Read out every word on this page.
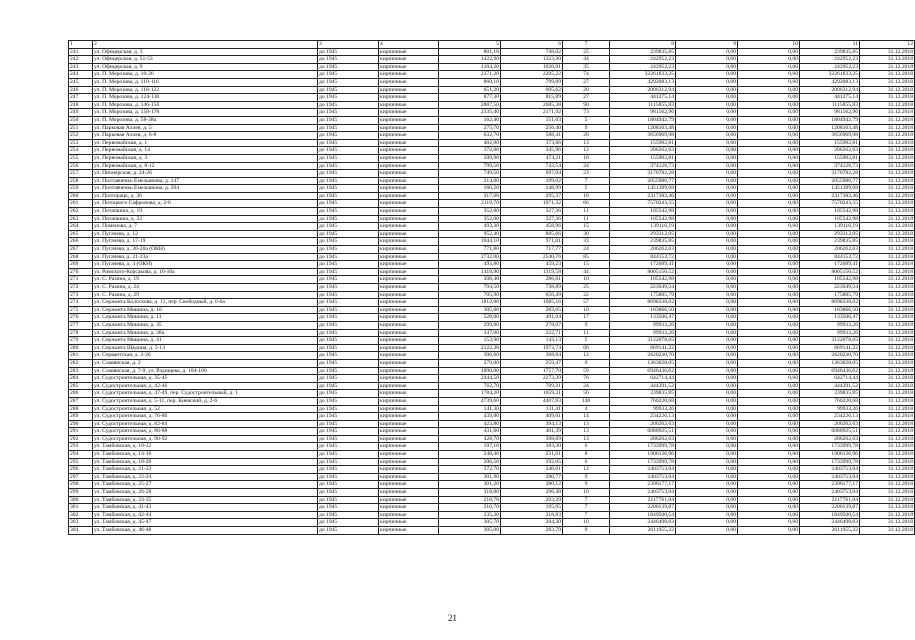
1	2	3	4	5	6	7	8	9	10	11	12
241	ул. Офицерская, д. 3	до 1945	кирпичные	801,10	748,02	25	239835,85	0,00	0,00	239835,85	31.12.2018
242	ул. Офицерская, д. 51-53	до 1945	кирпичные	1422,90	1323,30	44	242952,23	0,00	0,00	242952,23	31.12.2018
243	ул. Офицерская, д. 9	до 1945	кирпичные	1104,20	1026,91	35	242952,23	0,00	0,00	242952,23	31.12.2018
244	ул. П. Морозова, д. 10-26	до 1945	кирпичные	2371,20	2205,22	74	32261833,25	0,00	0,00	32261833,25	31.12.2018
245	ул. П. Морозова, д. 110-116	до 1945	кирпичные	860,10	799,89	27	4292083,13	0,00	0,00	4292083,13	31.12.2018
246	ул. П. Морозова, д. 118-122	до 1945	кирпичные	651,20	605,62	20	2006312,94	0,00	0,00	2006312,94	31.12.2018
247	ул. П. Морозова, д. 124-130	до 1945	кирпичные	877,30	815,89	27	441275,14	0,00	0,00	441275,14	31.12.2018
248	ул. П. Морозова, д. 146-156	до 1945	кирпичные	2887,50	2685,38	90	1115855,83	0,00	0,00	1115855,83	31.12.2018
249	ул. П. Морозова, д. 158-170	до 1945	кирпичные	2335,40	2171,92	73	981562,96	0,00	0,00	981562,96	31.12.2018
250	ул. П. Морозова, д. 58-38а	до 1945	кирпичные	162,40	151,03	5	1804942,79	0,00	0,00	1804942,79	31.12.2018
251	ул. Парковая Аллея, д. 5	до 1945	кирпичные	275,70	256,40	9	1208163,48	0,00	0,00	1208163,48	31.12.2018
252	ул. Парковая Аллея, д. 6-8	до 1945	кирпичные	632,70	588,41	20	3656969,98	0,00	0,00	3656969,98	31.12.2018
253	ул. Первомайская, д. 1	до 1945	кирпичные	402,00	373,86	13	155902,81	0,00	0,00	155902,81	31.12.2018
254	ул. Первомайская, д. 14	до 1945	кирпичные	372,00	345,96	12	206262,63	0,00	0,00	206262,63	31.12.2018
255	ул. Первомайская, д. 3	до 1945	кирпичные	509,90	474,21	16	155902,81	0,00	0,00	155902,81	31.12.2018
256	ул. Первомайская, д. 8-12	до 1945	кирпичные	799,50	743,54	24	374128,73	0,00	0,00	374128,73	31.12.2018
257	ул. Пионерская, д. 24-26	до 1945	кирпичные	749,50	697,04	23	3170782,28	0,00	0,00	3170782,28	31.12.2018
258	ул. Полтавченко Емельянова, д. 147	до 1945	кирпичные	214,00	199,02	7	2055986,77	0,00	0,00	2055986,77	31.12.2018
259	ул. Полтавченко Емельянова, д. 204	до 1945	кирпичные	160,20	148,99	5	1451399,68	0,00	0,00	1451399,68	31.12.2018
260	ул. Полторацк, д. 36	до 1945	кирпичные	317,60	295,37	10	2317383,46	0,00	0,00	2317383,46	31.12.2018
261	ул. Потоцкого Сафронова, д. 2-6	до 1945	кирпичные	2119,70	1971,32	66	7570243,55	0,00	0,00	7570243,55	31.12.2018
262	ул. Потапкина, д. 19	до 1945	кирпичные	352,00	327,36	11	105542,98	0,00	0,00	105542,98	31.12.2018
263	ул. Потапкина, д. 22	до 1945	кирпичные	352,00	327,36	11	105542,98	0,00	0,00	105542,98	31.12.2018
264	ул. Поменова, д. 7	до 1945	кирпичные	493,30	458,96	15	139116,19	0,00	0,00	139116,19	31.12.2018
265	ул. Пугачева, д. 12	до 1945	кирпичные	952,40	885,66	30	293312,05	0,00	0,00	293312,05	31.12.2018
266	ул. Пугачева, д. 17-19	до 1945	кирпичные	1044,10	971,01	33	239835,85	0,00	0,00	239835,85	31.12.2018
267	ул. Пугачева, д. 20-20а (ОКН)	до 1945	кирпичные	771,80	717,77	24	206262,63	0,00	0,00	206262,63	31.12.2018
268	ул. Пугачева, д. 21-23а	до 1945	кирпичные	2732,00	2540,76	85	844153,72	0,00	0,00	844153,72	31.12.2018
269	ул. Пугачева, д. 3 (ОКН)	до 1945	кирпичные	493,80	459,23	15	172689,41	0,00	0,00	172689,41	31.12.2018
270	ул. Римского-Корсакова, д. 16-16а	до 1945	кирпичные	1418,90	1319,58	44	8005150,52	0,00	0,00	8005150,52	31.12.2018
271	ул. С. Разина, д. 19	до 1945	кирпичные	308,40	286,81	10	105542,98	0,00	0,00	105542,98	31.12.2018
272	ул. С. Разина, д. 24	до 1945	кирпичные	794,50	738,89	25	223049,24	0,00	0,00	223049,24	31.12.2018
273	ул. С. Разина, д. 29	до 1945	кирпичные	705,90	656,49	22	175805,79	0,00	0,00	175805,79	31.12.2018
274	ул. Сержанта Колоскова, д. 11, пер. Свободный, д. 6-6а	до 1945	кирпичные	1812,00	1685,16	57	8698338,02	0,00	0,00	8698338,02	31.12.2018
275	ул. Сержанта Мишина, д. 10	до 1945	кирпичные	305,00	283,65	10	183866,50	0,00	0,00	183866,50	31.12.2018
276	ул. Сержанта Мишина, д. 11	до 1945	кирпичные	528,00	491,04	17	133506,47	0,00	0,00	133506,47	31.12.2018
277	ул. Сержанта Мишина, д. 35	до 1945	кирпичные	299,00	278,07	9	99933,26	0,00	0,00	99933,26	31.12.2018
278	ул. Сержанта Мишина, д. 38а	до 1945	кирпичные	347,00	322,71	11	99933,26	0,00	0,00	99933,26	31.12.2018
279	ул. Сержанта Мишина, д. 41	до 1945	кирпичные	153,90	143,13	5	3122078,65	0,00	0,00	3122078,65	31.12.2018
280	ул. Сержанта Щедина, д. 5-13	до 1945	кирпичные	2122,30	1973,74	66	669141,22	0,00	0,00	669141,22	31.12.2018
281	ул. Сервантская, д. 2-36	до 1945	кирпичные	396,60	368,84	12	2820230,70	0,00	0,00	2820230,70	31.12.2018
282	ул. Славянская, д. 2	до 1945	кирпичные	279,00	259,47	9	1363028,05	0,00	0,00	1363028,05	31.12.2018
283	ул. Славянская, д. 7-9, ул. Радищева, д. 104-106	до 1945	кирпичные	1890,00	1757,70	59	6946436,62	0,00	0,00	6946436,62	31.12.2018
284	ул. Судостроительная, д. 35-45	до 1945	кирпичные	2444,50	2273,39	76	642714,44	0,00	0,00	642714,44	31.12.2018
285	ул. Судостроительная, д. 42-46	до 1945	кирпичные	762,70	709,31	24	444391,52	0,00	0,00	444391,52	31.12.2018
286	ул. Судостроительная, д. 47-49, пер. Судостроительный, д. 1	до 1945	кирпичные	1784,20	1659,31	56	239835,85	0,00	0,00	239835,85	31.12.2018
287	ул. Судостроительная, д. 5-11, пер. Киевский, д. 2-6	до 1945	кирпичные	4739,60	4407,83	148	760220,68	0,00	0,00	760220,68	31.12.2018
288	ул. Судостроительная, д. 52	до 1945	кирпичные	141,30	131,41	4	99933,26	0,00	0,00	99933,26	31.12.2018
289	ул. Судостроительная, д. 76-80	до 1945	кирпичные	439,80	409,01	14	234226,13	0,00	0,00	234226,13	31.12.2018
290	ул. Судостроительная, д. 82-84	до 1945	кирпичные	423,80	394,13	13	206262,63	0,00	0,00	206262,63	31.12.2018
291	ул. Судостроительная, д. 86-88	до 1945	кирпичные	431,60	401,39	13	6088925,51	0,00	0,00	6088925,51	31.12.2018
292	ул. Судостроительная, д. 90-92	до 1945	кирпичные	428,70	398,69	13	206262,63	0,00	0,00	206262,63	31.12.2018
293	ул. Тамбовская, д. 10-12	до 1945	кирпичные	197,10	183,30	6	1733999,78	0,00	0,00	1733999,78	31.12.2018
294	ул. Тамбовская, д. 14-16	до 1945	кирпичные	248,40	231,01	8	1906126,96	0,00	0,00	1906126,96	31.12.2018
295	ул. Тамбовская, д. 18-20	до 1945	кирпичные	206,50	192,05	6	1733999,78	0,00	0,00	1733999,78	31.12.2018
296	ул. Тамбовская, д. 21-23	до 1945	кирпичные	372,70	346,61	12	2403753,04	0,00	0,00	2403753,04	31.12.2018
297	ул. Тамбовская, д. 22-24	до 1945	кирпичные	301,90	280,77	9	2403753,04	0,00	0,00	2403753,04	31.12.2018
298	ул. Тамбовская, д. 25-27	до 1945	кирпичные	301,20	280,12	9	2390177,17	0,00	0,00	2390177,17	31.12.2018
299	ул. Тамбовская, д. 26-28	до 1945	кирпичные	318,80	296,48	10	2403753,04	0,00	0,00	2403753,04	31.12.2018
300	ул. Тамбовская, д. 33-35	до 1945	кирпичные	218,70	203,39	7	2117761,04	0,00	0,00	2117761,04	31.12.2018
301	ул. Тамбовская, д. 41-43	до 1945	кирпичные	210,70	195,95	7	2200139,87	0,00	0,00	2200139,87	31.12.2018
302	ул. Тамбовская, д. 42-44	до 1945	кирпичные	235,30	218,83	7	1849500,54	0,00	0,00	1849500,54	31.12.2018
303	ул. Тамбовская, д. 45-47	до 1945	кирпичные	305,70	284,30	10	2446498,63	0,00	0,00	2446498,63	31.12.2018
304	ул. Тамбовская, д. 46-48	до 1945	кирпичные	305,00	283,79	9	2611955,22	0,00	0,00	2611955,22	31.12.2018
21
